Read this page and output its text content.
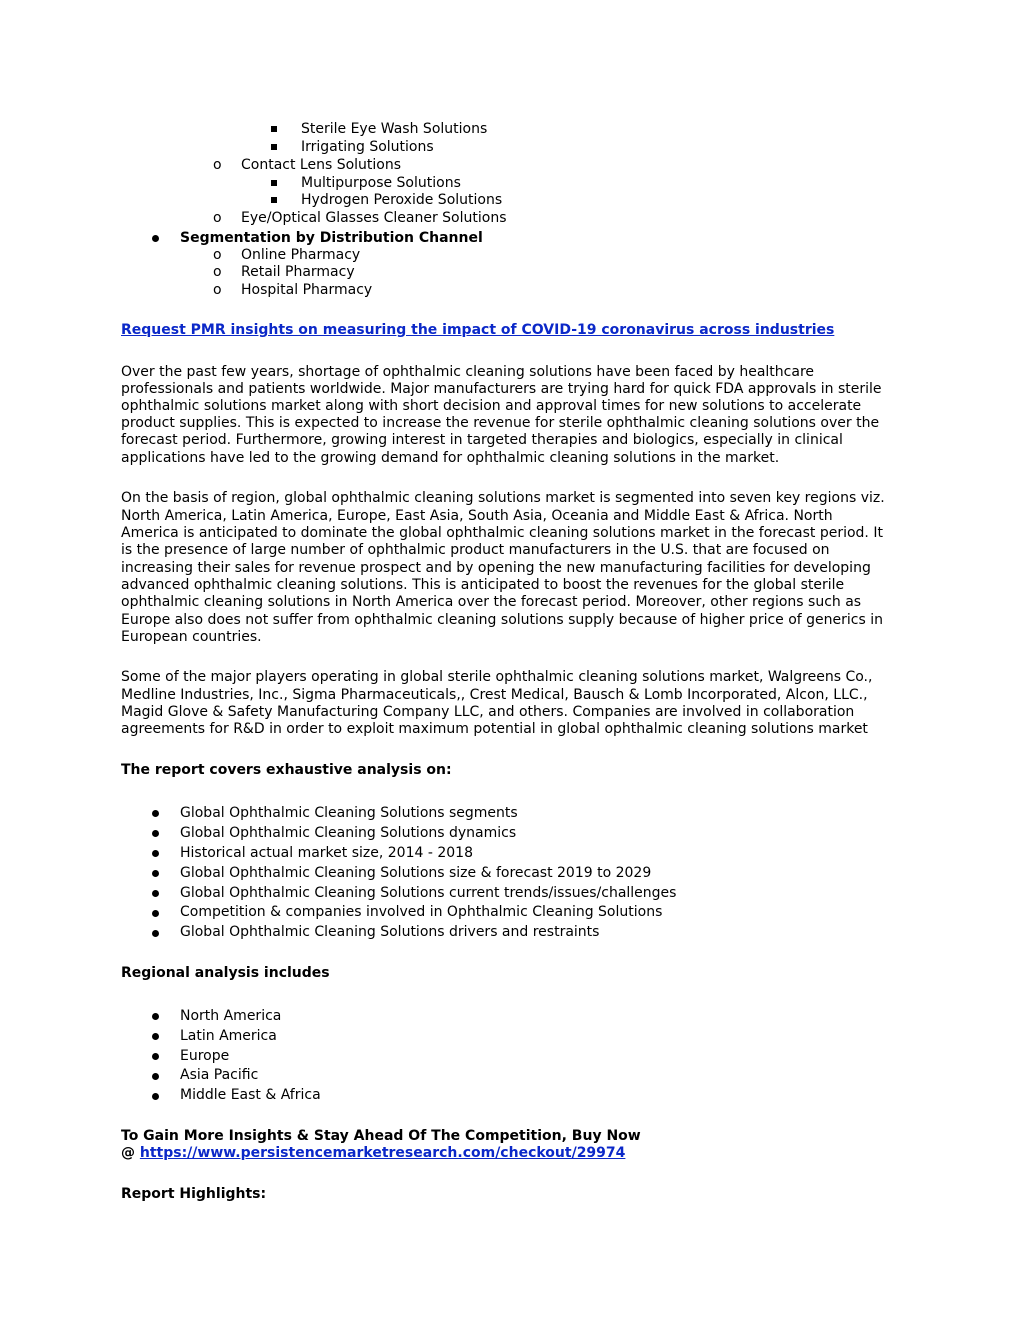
Sterile Eye Wash Solutions
Irrigating Solutions
o Contact Lens Solutions
Multipurpose Solutions
Hydrogen Peroxide Solutions
o Eye/Optical Glasses Cleaner Solutions
Segmentation by Distribution Channel
o Online Pharmacy
o Retail Pharmacy
o Hospital Pharmacy
Request PMR insights on measuring the impact of COVID-19 coronavirus across industries
Over the past few years, shortage of ophthalmic cleaning solutions have been faced by healthcare
professionals and patients worldwide. Major manufacturers are trying hard for quick FDA approvals in sterile
ophthalmic solutions market along with short decision and approval times for new solutions to accelerate
product supplies. This is expected to increase the revenue for sterile ophthalmic cleaning solutions over the
forecast period. Furthermore, growing interest in targeted therapies and biologics, especially in clinical
applications have led to the growing demand for ophthalmic cleaning solutions in the market.
On the basis of region, global ophthalmic cleaning solutions market is segmented into seven key regions viz.
North America, Latin America, Europe, East Asia, South Asia, Oceania and Middle East & Africa. North
America is anticipated to dominate the global ophthalmic cleaning solutions market in the forecast period. It
is the presence of large number of ophthalmic product manufacturers in the U.S. that are focused on
increasing their sales for revenue prospect and by opening the new manufacturing facilities for developing
advanced ophthalmic cleaning solutions. This is anticipated to boost the revenues for the global sterile
ophthalmic cleaning solutions in North America over the forecast period. Moreover, other regions such as
Europe also does not suffer from ophthalmic cleaning solutions supply because of higher price of generics in
European countries.
Some of the major players operating in global sterile ophthalmic cleaning solutions market, Walgreens Co.,
Medline Industries, Inc., Sigma Pharmaceuticals,, Crest Medical, Bausch & Lomb Incorporated, Alcon, LLC.,
Magid Glove & Safety Manufacturing Company LLC, and others. Companies are involved in collaboration
agreements for R&D in order to exploit maximum potential in global ophthalmic cleaning solutions market
The report covers exhaustive analysis on:
Global Ophthalmic Cleaning Solutions segments
Global Ophthalmic Cleaning Solutions dynamics
Historical actual market size, 2014 - 2018
Global Ophthalmic Cleaning Solutions size & forecast 2019 to 2029
Global Ophthalmic Cleaning Solutions current trends/issues/challenges
Competition & companies involved in Ophthalmic Cleaning Solutions
Global Ophthalmic Cleaning Solutions drivers and restraints
Regional analysis includes
North America
Latin America
Europe
Asia Pacific
Middle East & Africa
To Gain More Insights & Stay Ahead Of The Competition, Buy Now
@ https://www.persistencemarketresearch.com/checkout/29974
Report Highlights:
